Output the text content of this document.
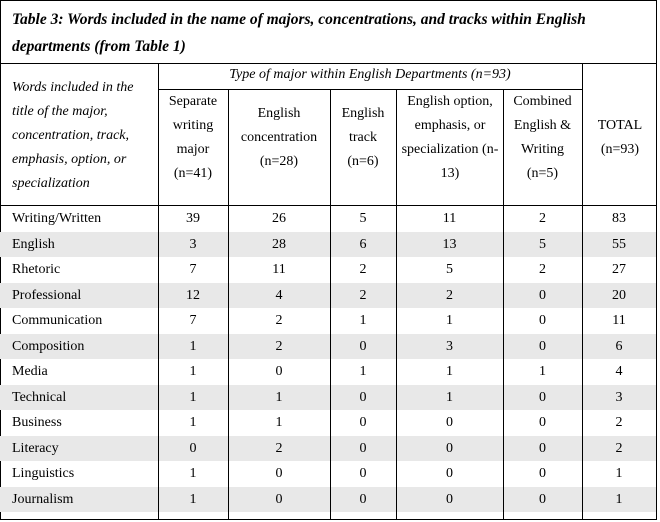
Table 3: Words included in the name of majors, concentrations, and tracks within English departments (from Table 1)
Words included in the title of the major, concentration, track, emphasis, option, or specialization
Type of major within English Departments (n=93)
Separate writing major (n=41)
English concentration (n=28)
English track (n=6)
English option, emphasis, or specialization (n-13)
Combined English & Writing (n=5)
TOTAL (n=93)
Writing/Written	39	26	5	11	2	83
English	3	28	6	13	5	55
Rhetoric	7	11	2	5	2	27
Professional	12	4	2	2	0	20
Communication	7	2	1	1	0	11
Composition	1	2	0	3	0	6
Media	1	0	1	1	1	4
Technical	1	1	0	1	0	3
Business	1	1	0	0	0	2
Literacy	0	2	0	0	0	2
Linguistics	1	0	0	0	0	1
Journalism	1	0	0	0	0	1
